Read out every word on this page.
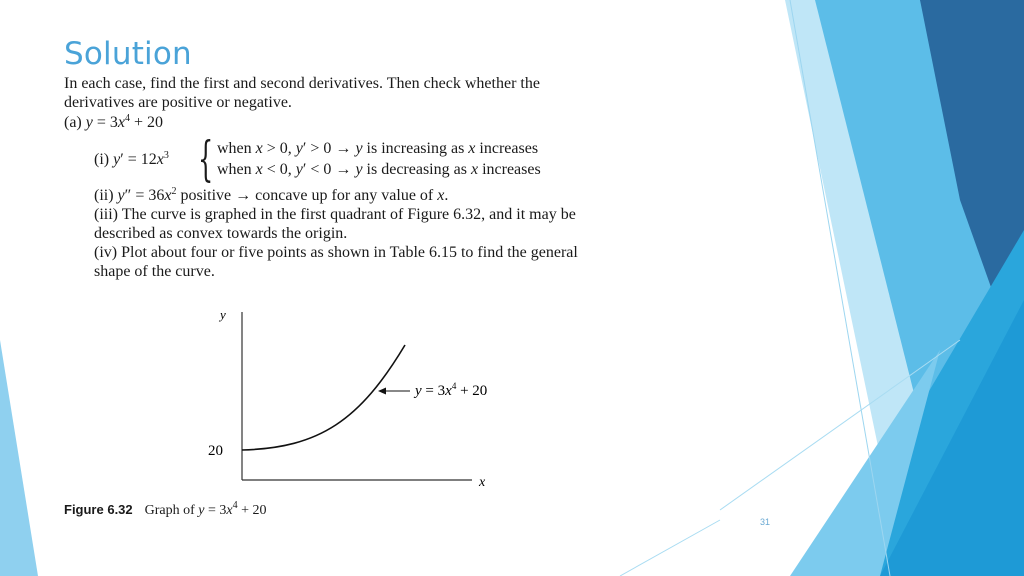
Solution
In each case, find the first and second derivatives. Then check whether the
derivatives are positive or negative.
(a) $y = 3x^4 + 20$
(i) $y' = 12x^3$ { when x > 0, y′ > 0 → y is increasing as x increases
when x < 0, y′ < 0 → y is decreasing as x increases
(ii) $y'' = 36x^2$ positive → concave up for any value of x.
(iii) The curve is graphed in the first quadrant of Figure 6.32, and it may be
described as convex towards the origin.
(iv) Plot about four or five points as shown in Table 6.15 to find the general
shape of the curve.
y
x
20
$y = 3x^4 + 20$
Figure 6.32 Graph of $y = 3x^4 + 20$
31
